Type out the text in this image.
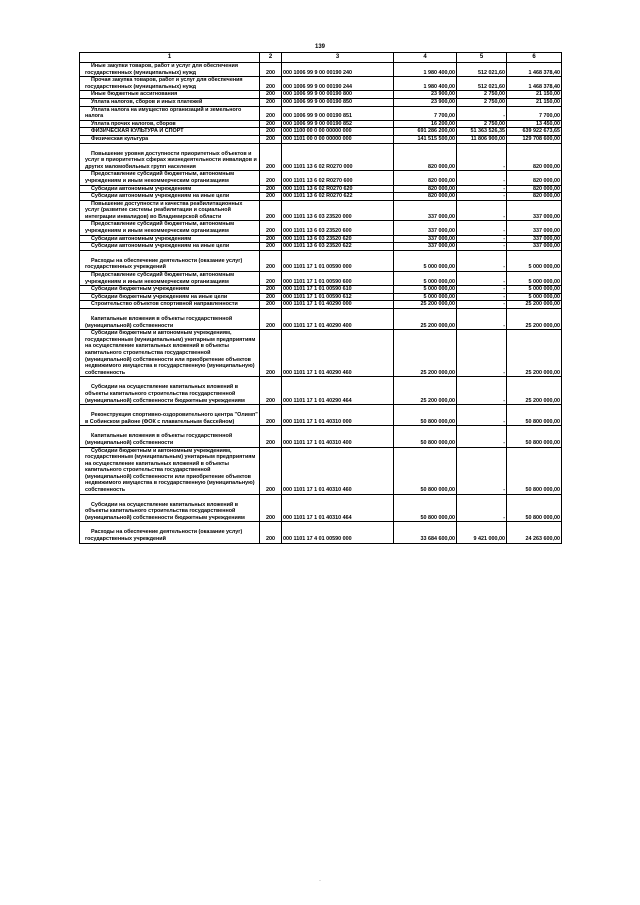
139
1	2	3	4	5	6

Иные закупки товаров, работ и услуг для обеспечения государственных (муниципальных) нужд	200	000 1006 99 9 00 00190 240	1 980 400,00	512 021,60	1 468 378,40

Прочая закупка товаров, работ и услуг для обеспечения государственных (муниципальных) нужд	200	000 1006 99 9 00 00190 244	1 980 400,00	512 021,60	1 468 378,40

Иные бюджетные ассигнования	200	000 1006 99 9 00 00190 800	23 900,00	2 750,00	21 150,00

Уплата налогов, сборов и иных платежей	200	000 1006 99 9 00 00190 850	23 900,00	2 750,00	21 150,00

Уплата налога на имущество организаций и земельного налога	200	000 1006 99 9 00 00190 851	7 700,00	-	7 700,00

Уплата прочих налогов, сборов	200	000 1006 99 9 00 00190 852	16 200,00	2 750,00	13 450,00

ФИЗИЧЕСКАЯ КУЛЬТУРА И СПОРТ	200	000 1100 00 0 00 00000 000	691 286 200,00	51 363 526,35	639 922 673,65

Физическая культура	200	000 1101 00 0 00 00000 000	141 515 500,00	11 806 900,00	129 708 600,00

Повышение уровня доступности приоритетных объектов и услуг в приоритетных сферах жизнедеятельности инвалидов и других маломобильных групп населения	200	000 1101 13 6 02 R0270 000	820 000,00	-	820 000,00

Предоставление субсидий бюджетным, автономным учреждениям и иным некоммерческим организациям	200	000 1101 13 6 02 R0270 600	820 000,00	-	820 000,00

Субсидии автономным учреждениям	200	000 1101 13 6 02 R0270 620	820 000,00	-	820 000,00

Субсидии автономным учреждениям на иные цели	200	000 1101 13 6 02 R0270 622	820 000,00	-	820 000,00

Повышение доступности и качества реабилитационных услуг (развитие системы реабилитации и социальной интеграции инвалидов) во Владимирской области	200	000 1101 13 6 03 23520 000	337 000,00	-	337 000,00

Предоставление субсидий бюджетным, автономным учреждениям и иным некоммерческим организациям	200	000 1101 13 6 03 23520 600	337 000,00	-	337 000,00

Субсидии автономным учреждениям	200	000 1101 13 6 03 23520 620	337 000,00	-	337 000,00

Субсидии автономным учреждениям на иные цели	200	000 1101 13 6 03 23520 622	337 000,00	-	337 000,00

Расходы на обеспечение деятельности (оказание услуг) государственных учреждений	200	000 1101 17 1 01 00590 000	5 000 000,00	-	5 000 000,00

Предоставление субсидий бюджетным, автономным учреждениям и иным некоммерческим организациям	200	000 1101 17 1 01 00590 600	5 000 000,00	-	5 000 000,00

Субсидии бюджетным учреждениям	200	000 1101 17 1 01 00590 610	5 000 000,00	-	5 000 000,00

Субсидии бюджетным учреждениям на иные цели	200	000 1101 17 1 01 00590 612	5 000 000,00	-	5 000 000,00

Строительство объектов спортивной направленности	200	000 1101 17 1 01 40290 000	25 200 000,00	-	25 200 000,00

Капитальные вложения в объекты государственной (муниципальной) собственности	200	000 1101 17 1 01 40290 400	25 200 000,00	-	25 200 000,00

Субсидии бюджетным и автономным учреждениям, государственным (муниципальным) унитарным предприятиям на осуществление капитальных вложений в объекты капитального строительства государственной (муниципальной) собственности или приобретение объектов недвижимого имущества в государственную (муниципальную) собственность	200	000 1101 17 1 01 40290 460	25 200 000,00	-	25 200 000,00

Субсидии на осуществление капитальных вложений в объекты капитального строительства государственной (муниципальной) собственности бюджетным учреждениям	200	000 1101 17 1 01 40290 464	25 200 000,00	-	25 200 000,00

Реконструкция спортивно-оздоровительного центра "Олимп" в Собинском районе (ФОК с плавательным бассейном)	200	000 1101 17 1 01 40310 000	50 800 000,00	-	50 800 000,00

Капитальные вложения в объекты государственной (муниципальной) собственности	200	000 1101 17 1 01 40310 400	50 800 000,00	-	50 800 000,00

Субсидии бюджетным и автономным учреждениям, государственным (муниципальным) унитарным предприятиям на осуществление капитальных вложений в объекты капитального строительства государственной (муниципальной) собственности или приобретение объектов недвижимого имущества в государственную (муниципальную) собственность	200	000 1101 17 1 01 40310 460	50 800 000,00	-	50 800 000,00

Субсидии на осуществление капитальных вложений в объекты капитального строительства государственной (муниципальной) собственности бюджетным учреждениям	200	000 1101 17 1 01 40310 464	50 800 000,00	-	50 800 000,00

Расходы на обеспечение деятельности (оказание услуг) государственных учреждений	200	000 1101 17 4 01 00590 000	33 684 600,00	9 421 000,00	24 263 600,00
·
